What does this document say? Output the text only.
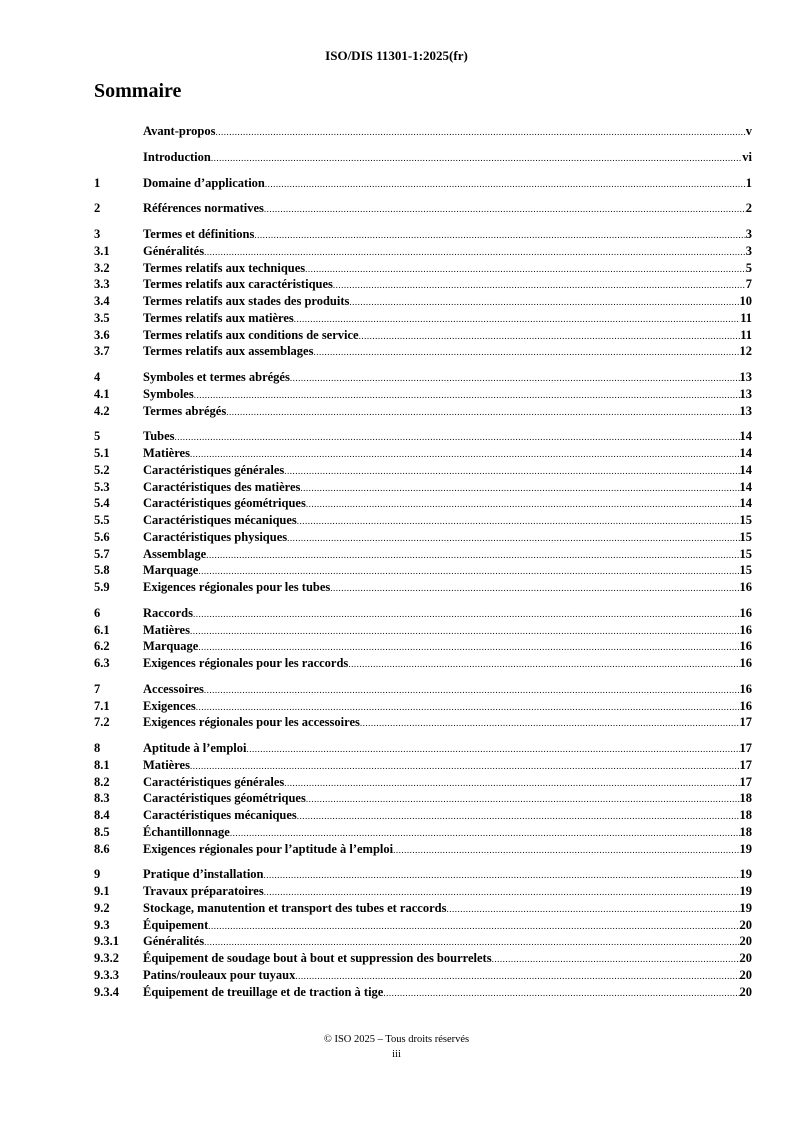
ISO/DIS 11301-1:2025(fr)
Sommaire
Avant-propos .....	v
Introduction .....	vi
1	Domaine d’application .....	1
2	Références normatives .....	2
3	Termes et définitions .....	3
3.1	Généralités .....	3
3.2	Termes relatifs aux techniques .....	5
3.3	Termes relatifs aux caractéristiques .....	7
3.4	Termes relatifs aux stades des produits .....	10
3.5	Termes relatifs aux matières .....	11
3.6	Termes relatifs aux conditions de service .....	11
3.7	Termes relatifs aux assemblages .....	12
4	Symboles et termes abrégés .....	13
4.1	Symboles .....	13
4.2	Termes abrégés .....	13
5	Tubes .....	14
5.1	Matières .....	14
5.2	Caractéristiques générales .....	14
5.3	Caractéristiques des matières .....	14
5.4	Caractéristiques géométriques .....	14
5.5	Caractéristiques mécaniques .....	15
5.6	Caractéristiques physiques .....	15
5.7	Assemblage .....	15
5.8	Marquage .....	15
5.9	Exigences régionales pour les tubes .....	16
6	Raccords .....	16
6.1	Matières .....	16
6.2	Marquage .....	16
6.3	Exigences régionales pour les raccords .....	16
7	Accessoires .....	16
7.1	Exigences .....	16
7.2	Exigences régionales pour les accessoires .....	17
8	Aptitude à l’emploi .....	17
8.1	Matières .....	17
8.2	Caractéristiques générales .....	17
8.3	Caractéristiques géométriques .....	18
8.4	Caractéristiques mécaniques .....	18
8.5	Échantillonnage .....	18
8.6	Exigences régionales pour l’aptitude à l’emploi .....	19
9	Pratique d’installation .....	19
9.1	Travaux préparatoires .....	19
9.2	Stockage, manutention et transport des tubes et raccords .....	19
9.3	Équipement .....	20
9.3.1	Généralités .....	20
9.3.2	Équipement de soudage bout à bout et suppression des bourrelets .....	20
9.3.3	Patins/rouleaux pour tuyaux .....	20
9.3.4	Équipement de treuillage et de traction à tige .....	20
© ISO 2025 – Tous droits réservés
iii
